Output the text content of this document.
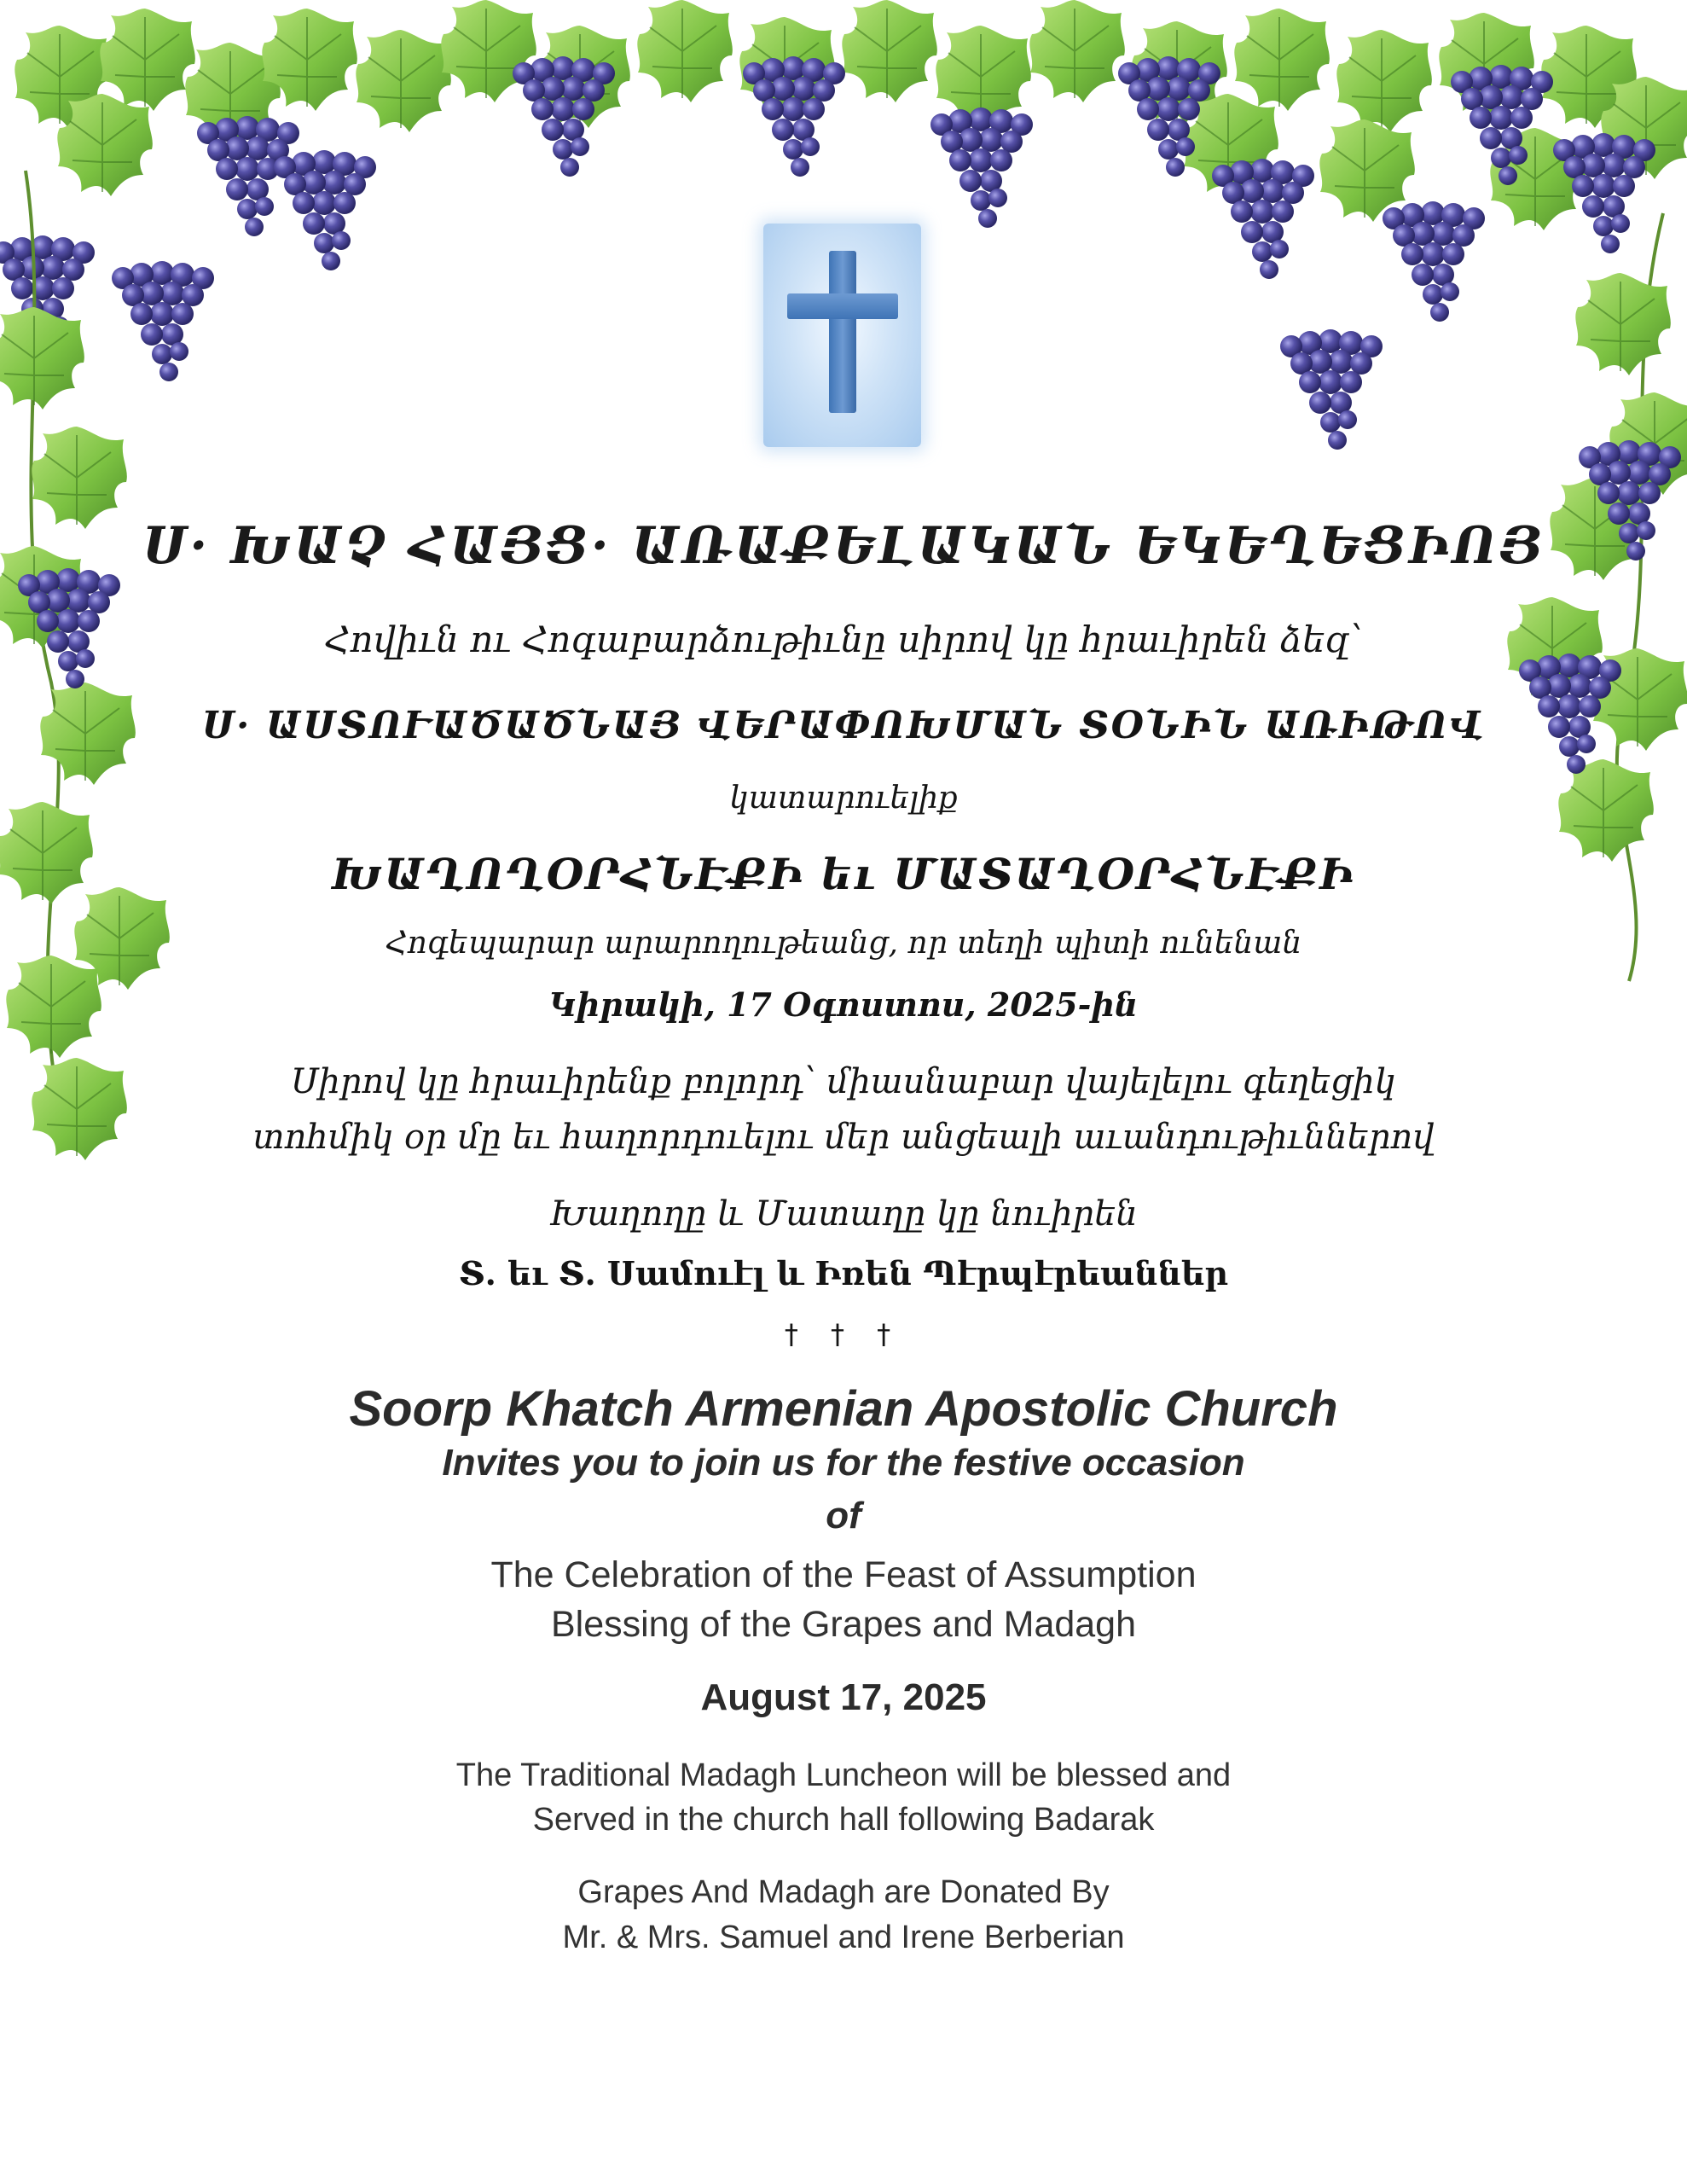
Ս· ԽԱՉ ՀԱՅՑ· ԱՌԱՔԵԼԱԿԱՆ ԵԿԵՂԵՑԻՈՅ

Հովիւն ու Հոգաբարձութիւնը սիրով կը հրաւիրեն ձեզ՝

Ս· ԱՍՏՈՒԱԾԱԾՆԱՅ ՎԵՐԱՓՈԽՄԱՆ ՏՕՆԻՆ ԱՌԻԹՈՎ

կատարուելիք

ԽԱՂՈՂՕՐՀՆԷՔԻ եւ ՄԱՏԱՂՕՐՀՆԷՔԻ

Հոգեպարար արարողութեանց, որ տեղի պիտի ունենան

Կիրակի, 17 Օգոստոս, 2025-ին

Սիրով կը հրաւիրենք բոլորդ՝ միասնաբար վայելելու գեղեցիկ

տոհմիկ օր մը եւ հաղորդուելու մեր անցեալի աւանդութիւններով

Խաղողը և Մատաղը կը նուիրեն

Տ. եւ Տ. Սամուէլ և Իռեն Պէրպէրեաններ

† † †

Soorp Khatch Armenian Apostolic Church

Invites you to join us for the festive occasion

of

The Celebration of the Feast of Assumption

Blessing of the Grapes and Madagh

August 17, 2025

The Traditional Madagh Luncheon will be blessed and

Served in the church hall following Badarak

Grapes And Madagh are Donated By

Mr. & Mrs. Samuel and Irene Berberian
